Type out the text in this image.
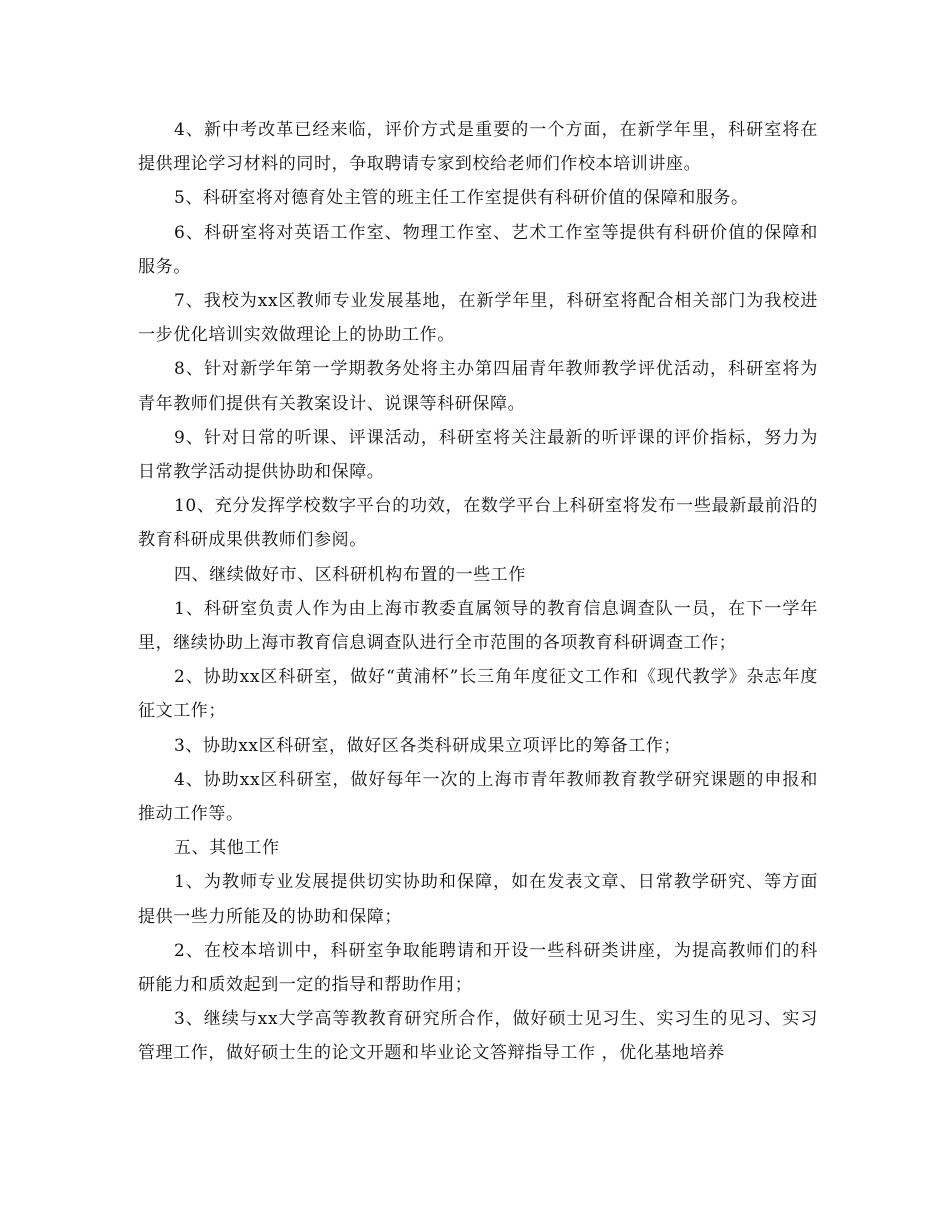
4、新中考改革已经来临，评价方式是重要的一个方面，在新学年里，科研室将在提供理论学习材料的同时，争取聘请专家到校给老师们作校本培训讲座。

5、科研室将对德育处主管的班主任工作室提供有科研价值的保障和服务。

6、科研室将对英语工作室、物理工作室、艺术工作室等提供有科研价值的保障和服务。

7、我校为xx区教师专业发展基地，在新学年里，科研室将配合相关部门为我校进一步优化培训实效做理论上的协助工作。

8、针对新学年第一学期教务处将主办第四届青年教师教学评优活动，科研室将为青年教师们提供有关教案设计、说课等科研保障。

9、针对日常的听课、评课活动，科研室将关注最新的听评课的评价指标，努力为日常教学活动提供协助和保障。

10、充分发挥学校数字平台的功效，在数学平台上科研室将发布一些最新最前沿的教育科研成果供教师们参阅。

四、继续做好市、区科研机构布置的一些工作

1、科研室负责人作为由上海市教委直属领导的教育信息调查队一员，在下一学年里，继续协助上海市教育信息调查队进行全市范围的各项教育科研调查工作；

2、协助xx区科研室，做好“黄浦杯”长三角年度征文工作和《现代教学》杂志年度征文工作；

3、协助xx区科研室，做好区各类科研成果立项评比的筹备工作；

4、协助xx区科研室，做好每年一次的上海市青年教师教育教学研究课题的申报和推动工作等。

五、其他工作

1、为教师专业发展提供切实协助和保障，如在发表文章、日常教学研究、等方面提供一些力所能及的协助和保障；

2、在校本培训中，科研室争取能聘请和开设一些科研类讲座，为提高教师们的科研能力和质效起到一定的指导和帮助作用；

3、继续与xx大学高等教教育研究所合作，做好硕士见习生、实习生的见习、实习管理工作，做好硕士生的论文开题和毕业论文答辩指导工作 ，优化基地培养
